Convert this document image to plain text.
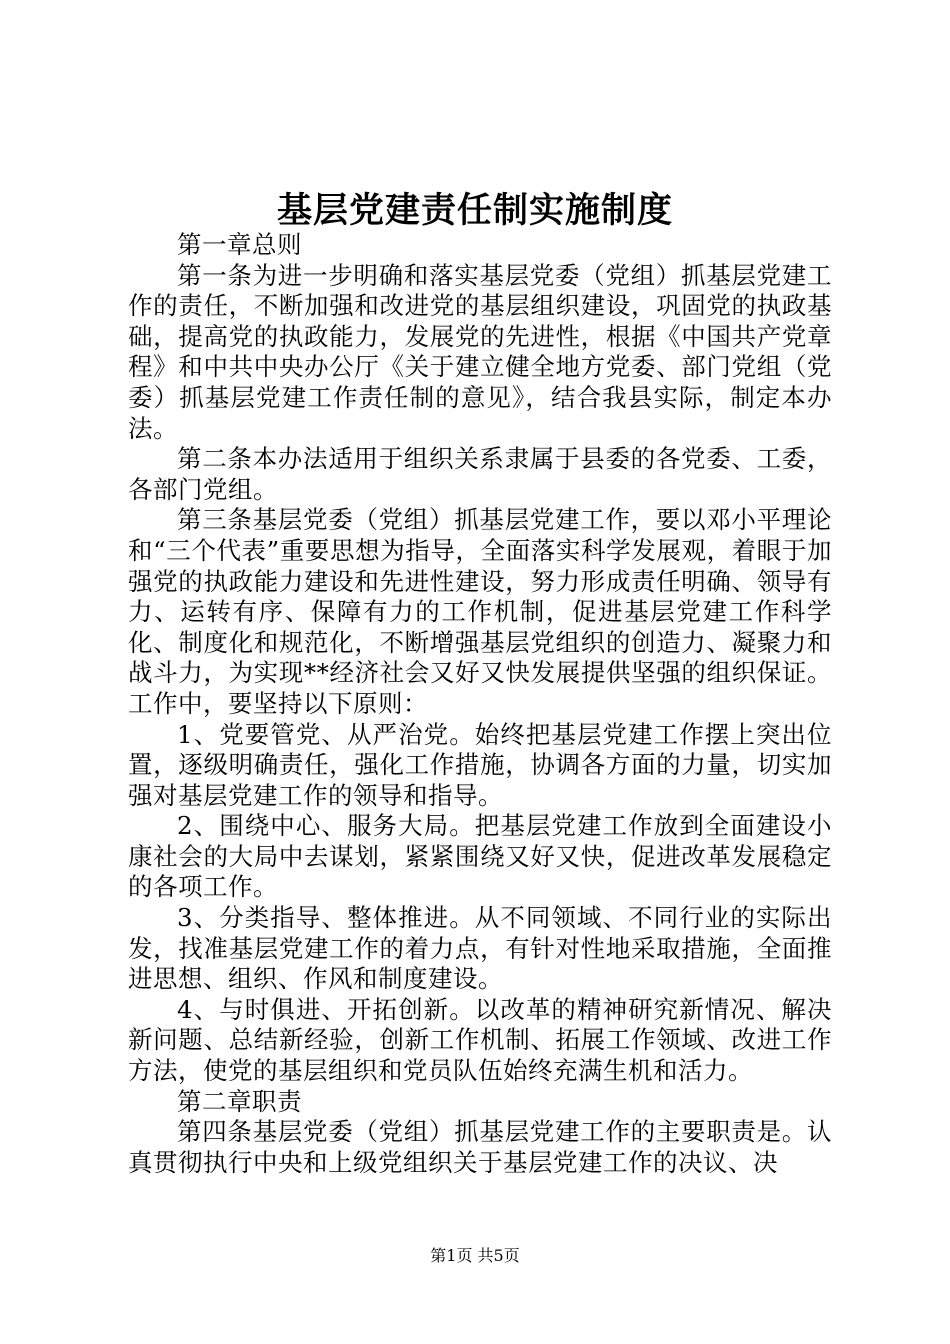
基层党建责任制实施制度

第一章总则

第一条为进一步明确和落实基层党委（党组）抓基层党建工作的责任，不断加强和改进党的基层组织建设，巩固党的执政基础，提高党的执政能力，发展党的先进性，根据《中国共产党章程》和中共中央办公厅《关于建立健全地方党委、部门党组（党委）抓基层党建工作责任制的意见》，结合我县实际，制定本办法。

第二条本办法适用于组织关系隶属于县委的各党委、工委，各部门党组。

第三条基层党委（党组）抓基层党建工作，要以邓小平理论和“三个代表”重要思想为指导，全面落实科学发展观，着眼于加强党的执政能力建设和先进性建设，努力形成责任明确、领导有力、运转有序、保障有力的工作机制，促进基层党建工作科学化、制度化和规范化，不断增强基层党组织的创造力、凝聚力和战斗力，为实现**经济社会又好又快发展提供坚强的组织保证。工作中，要坚持以下原则：

1、党要管党、从严治党。始终把基层党建工作摆上突出位置，逐级明确责任，强化工作措施，协调各方面的力量，切实加强对基层党建工作的领导和指导。

2、围绕中心、服务大局。把基层党建工作放到全面建设小康社会的大局中去谋划，紧紧围绕又好又快，促进改革发展稳定的各项工作。

3、分类指导、整体推进。从不同领域、不同行业的实际出发，找准基层党建工作的着力点，有针对性地采取措施，全面推进思想、组织、作风和制度建设。

4、与时俱进、开拓创新。以改革的精神研究新情况、解决新问题、总结新经验，创新工作机制、拓展工作领域、改进工作方法，使党的基层组织和党员队伍始终充满生机和活力。

第二章职责

第四条基层党委（党组）抓基层党建工作的主要职责是。认真贯彻执行中央和上级党组织关于基层党建工作的决议、决

第1页 共5页
